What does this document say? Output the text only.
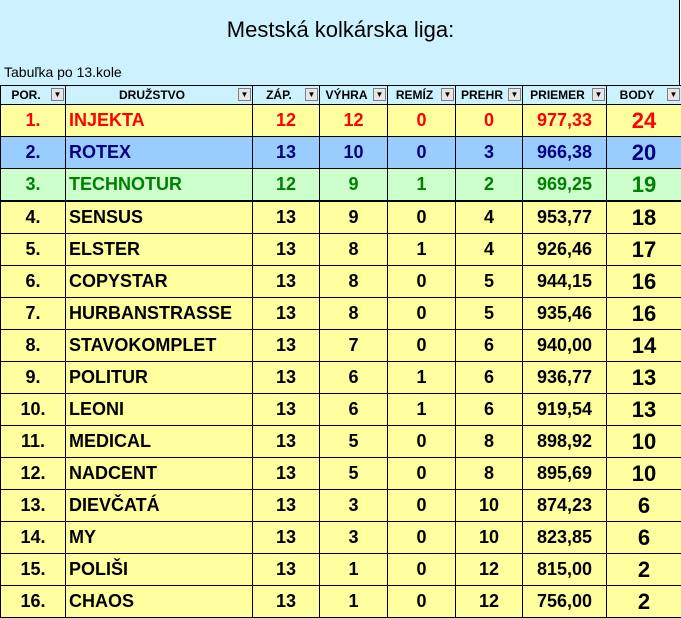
Mestská kolkárska liga:
Tabuľka po 13.kole
POR. ▼	DRUŽSTVO ▼	ZÁP. ▼	VÝHRA ▼	REMÍZ ▼	PREHR ▼	PRIEMER ▼	BODY ▼

1.	INJEKTA	12	12	0	0	977,33	24
2.	ROTEX	13	10	0	3	966,38	20
3.	TECHNOTUR	12	9	1	2	969,25	19
4.	SENSUS	13	9	0	4	953,77	18
5.	ELSTER	13	8	1	4	926,46	17
6.	COPYSTAR	13	8	0	5	944,15	16
7.	HURBANSTRASSE	13	8	0	5	935,46	16
8.	STAVOKOMPLET	13	7	0	6	940,00	14
9.	POLITUR	13	6	1	6	936,77	13
10.	LEONI	13	6	1	6	919,54	13
11.	MEDICAL	13	5	0	8	898,92	10
12.	NADCENT	13	5	0	8	895,69	10
13.	DIEVČATÁ	13	3	0	10	874,23	6
14.	MY	13	3	0	10	823,85	6
15.	POLIŠI	13	1	0	12	815,00	2
16.	CHAOS	13	1	0	12	756,00	2
